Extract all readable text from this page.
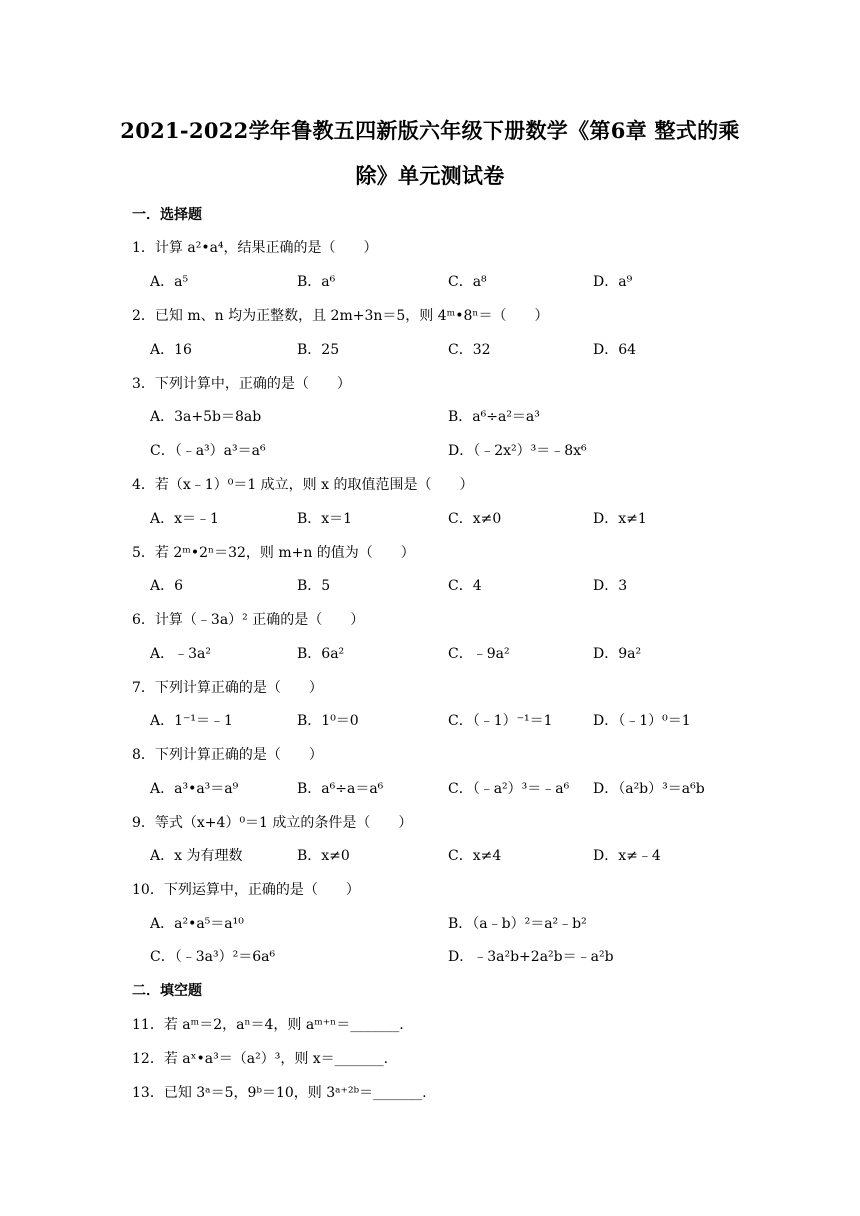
2021-2022学年鲁教五四新版六年级下册数学《第6章 整式的乘
除》单元测试卷
一．选择题
1．计算 a²•a⁴，结果正确的是（　　）
A．a⁵	B．a⁶	C．a⁸	D．a⁹
2．已知 m、n 均为正整数，且 2m+3n＝5，则 4ᵐ•8ⁿ＝（　　）
A．16	B．25	C．32	D．64
3．下列计算中，正确的是（　　）
A．3a+5b＝8ab	B．a⁶÷a²＝a³
C．（﹣a³）a³＝a⁶	D．（﹣2x²）³＝﹣8x⁶
4．若（x﹣1）⁰＝1 成立，则 x 的取值范围是（　　）
A．x＝﹣1	B．x＝1	C．x≠0	D．x≠1
5．若 2ᵐ•2ⁿ＝32，则 m+n 的值为（　　）
A．6	B．5	C．4	D．3
6．计算（﹣3a）² 正确的是（　　）
A．﹣3a²	B．6a²	C．﹣9a²	D．9a²
7．下列计算正确的是（　　）
A．1⁻¹＝﹣1	B．1⁰＝0	C．（﹣1）⁻¹＝1	D．（﹣1）⁰＝1
8．下列计算正确的是（　　）
A．a³•a³＝a⁹	B．a⁶÷a＝a⁶	C．（﹣a²）³＝﹣a⁶ D．（a²b）³＝a⁶b
9．等式（x+4）⁰＝1 成立的条件是（　　）
A．x 为有理数	B．x≠0	C．x≠4	D．x≠﹣4
10．下列运算中，正确的是（　　）
A．a²•a⁵＝a¹⁰	B．（a﹣b）²＝a²﹣b²
C．（﹣3a³）²＝6a⁶	D．﹣3a²b+2a²b＝﹣a²b
二．填空题
11．若 aᵐ＝2，aⁿ＝4，则 aᵐ⁺ⁿ＝_______.
12．若 aˣ•a³＝（a²）³，则 x＝_______.
13．已知 3ᵃ＝5，9ᵇ＝10，则 3ᵃ⁺²ᵇ＝_______.
